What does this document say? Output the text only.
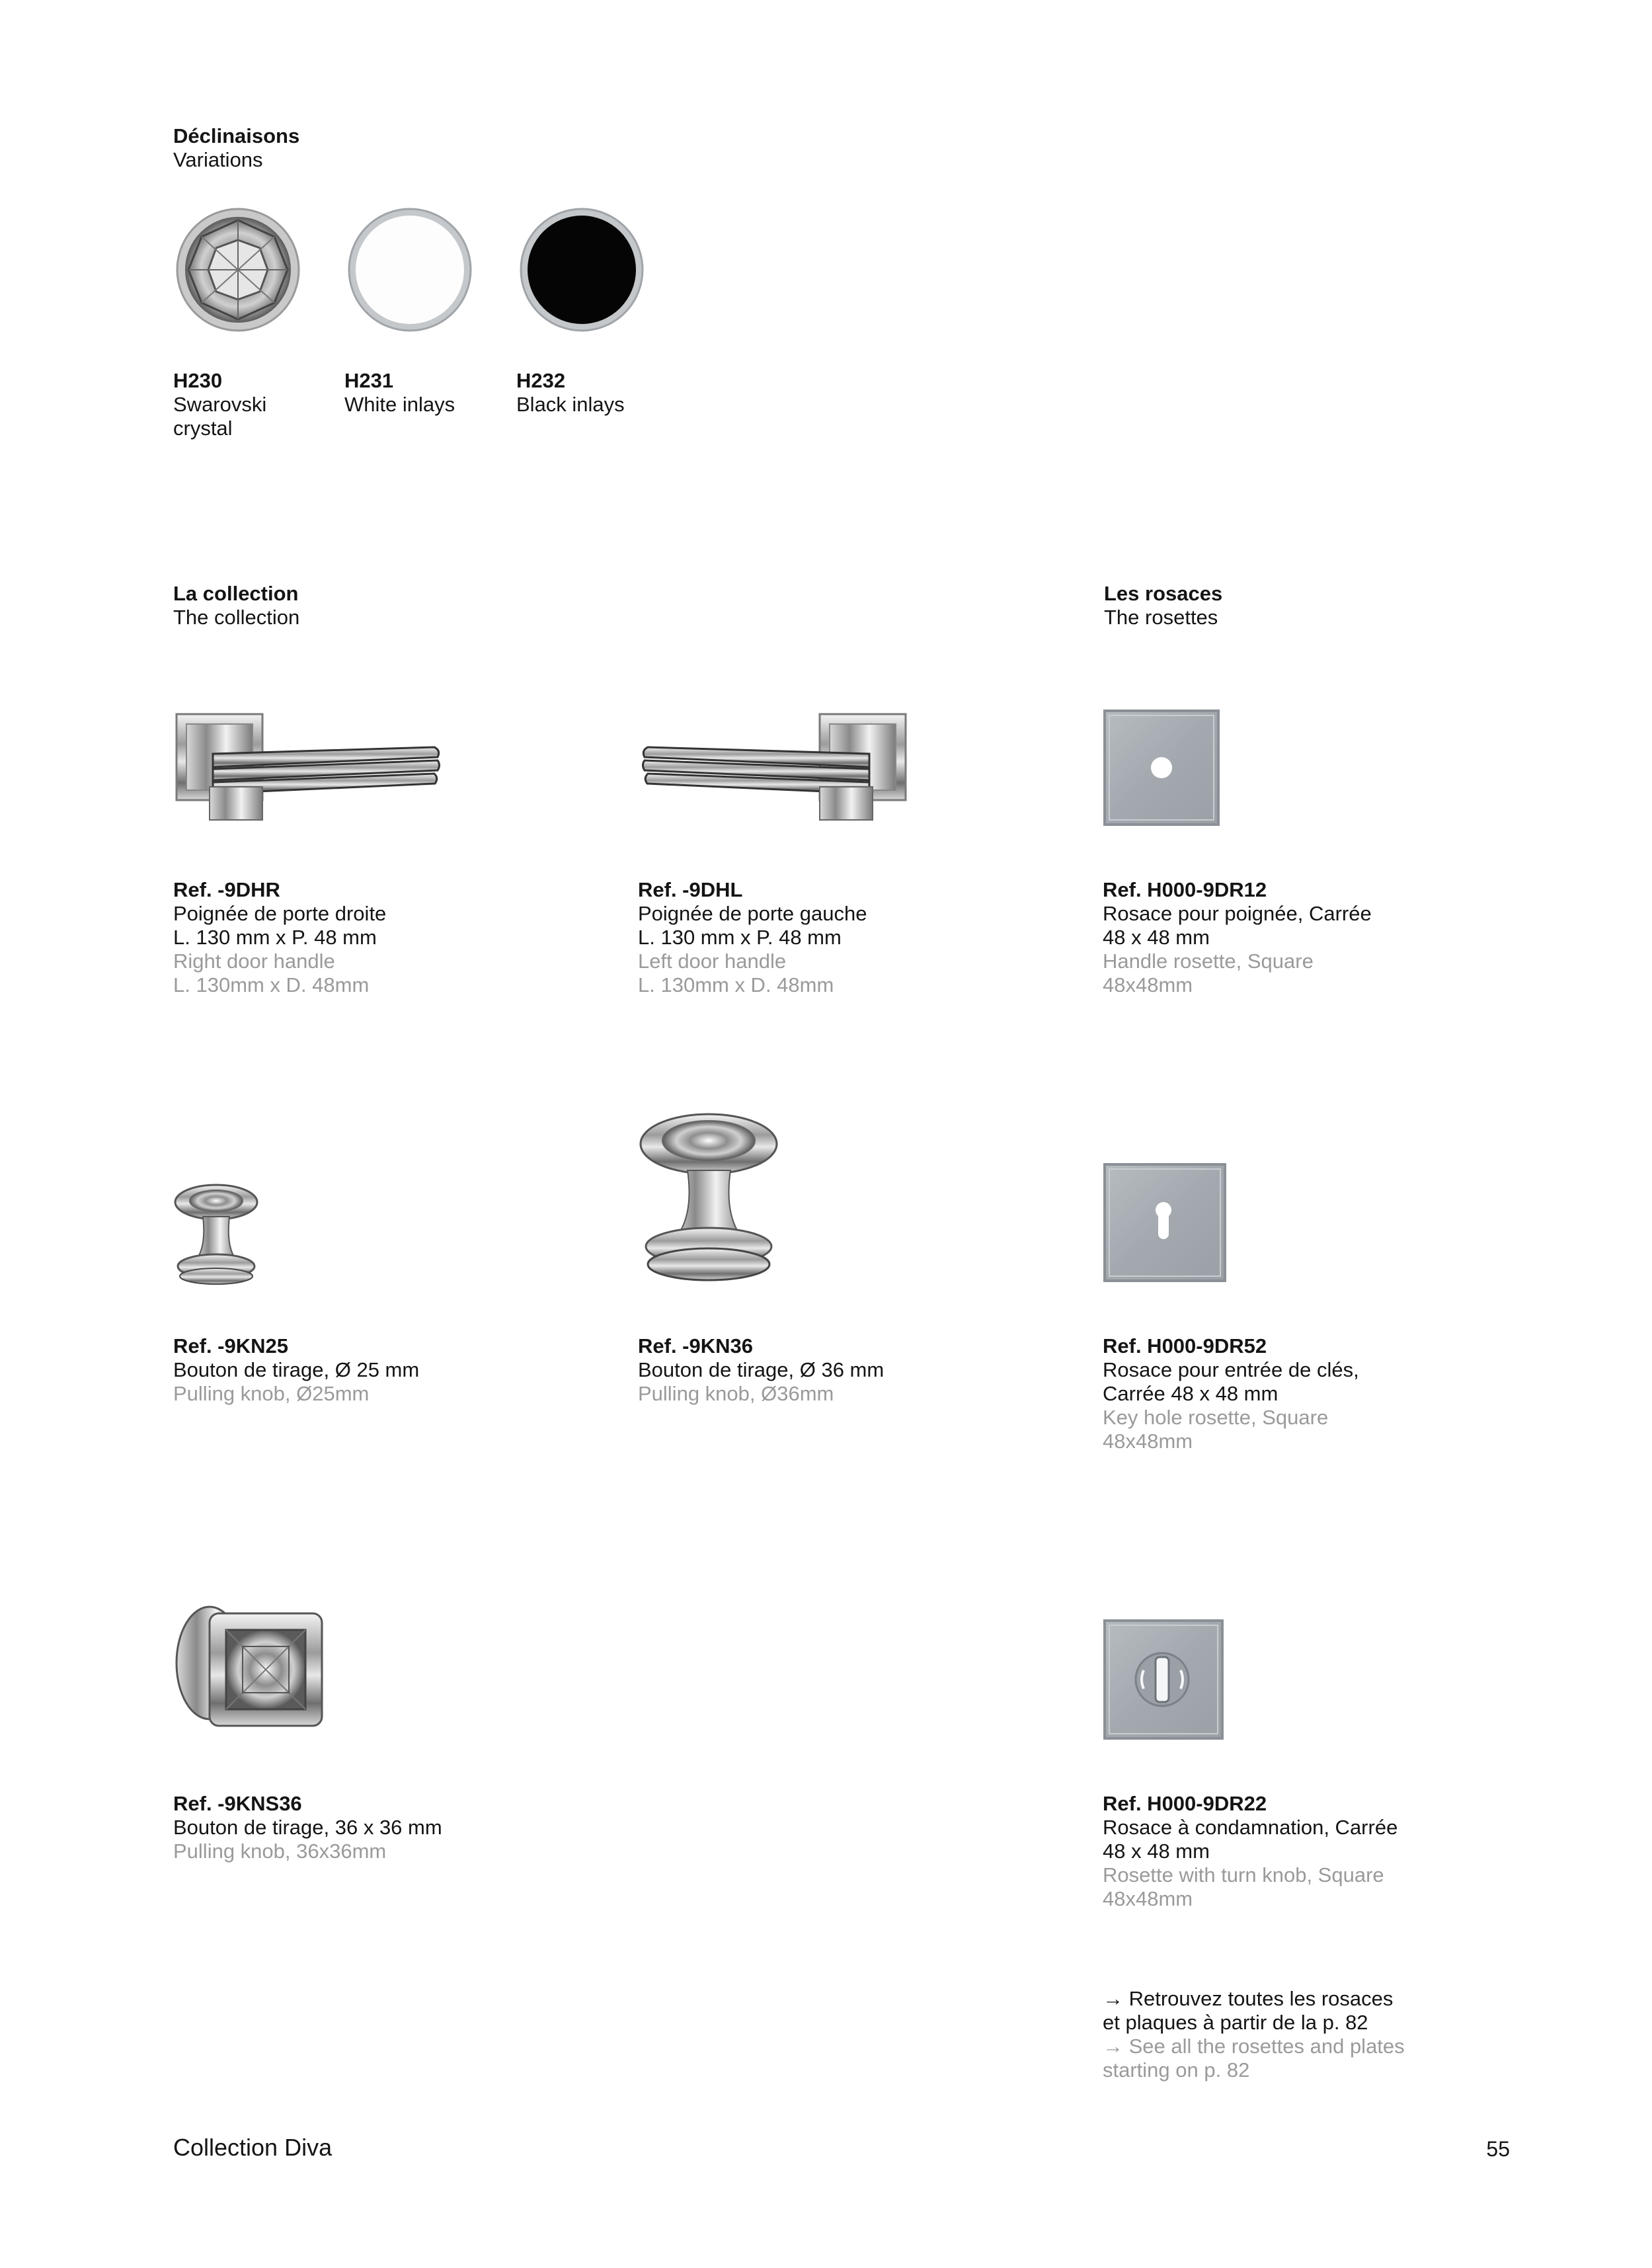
Déclinaisons

Variations

H230

Swarovski crystal

H231

White inlays

H232

Black inlays

La collection

The collection

Les rosaces

The rosettes

Ref. -9DHR

Poignée de porte droite

L. 130 mm x P. 48 mm

Right door handle

L. 130mm x D. 48mm

Ref. -9DHL

Poignée de porte gauche

L. 130 mm x P. 48 mm

Left door handle

L. 130mm x D. 48mm

Ref. H000-9DR12

Rosace pour poignée, Carrée

48 x 48 mm

Handle rosette, Square

48x48mm

Ref. -9KN25

Bouton de tirage, Ø 25 mm

Pulling knob, Ø25mm

Ref. -9KN36

Bouton de tirage, Ø 36 mm

Pulling knob, Ø36mm

Ref. H000-9DR52

Rosace pour entrée de clés,

Carrée 48 x 48 mm

Key hole rosette, Square

48x48mm

Ref. -9KNS36

Bouton de tirage, 36 x 36 mm

Pulling knob, 36x36mm

Ref. H000-9DR22

Rosace à condamnation, Carrée

48 x 48 mm

Rosette with turn knob, Square

48x48mm

→ Retrouvez toutes les rosaces

et plaques à partir de la p. 82

→ See all the rosettes and plates

starting on p. 82

Collection Diva	55
